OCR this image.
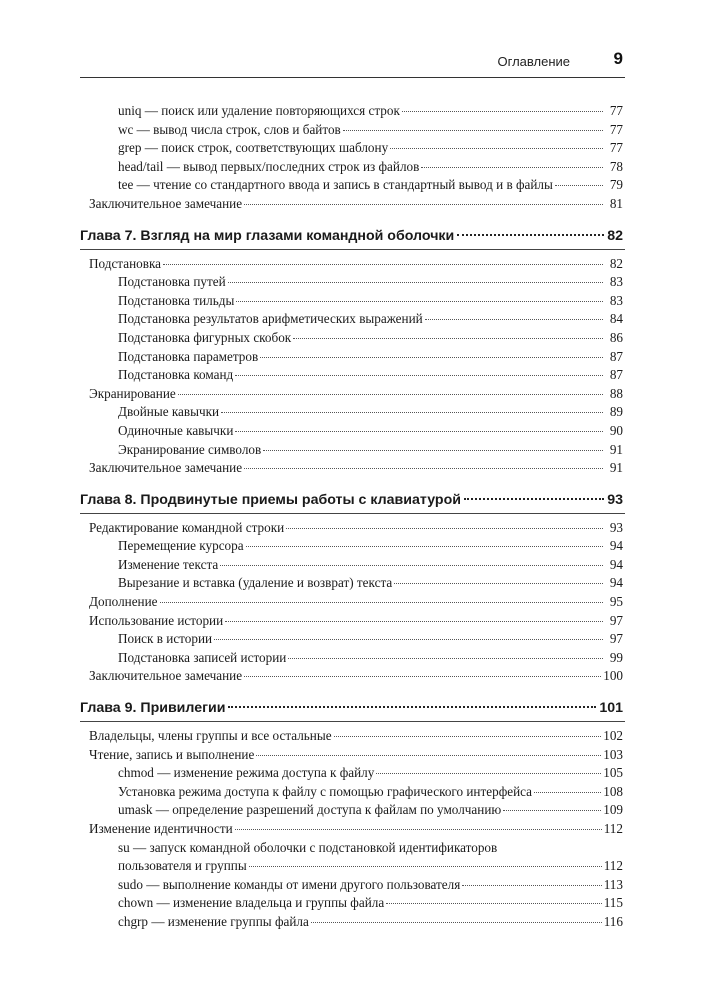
Оглавление	9
uniq — поиск или удаление повторяющихся строк	77
wc — вывод числа строк, слов и байтов	77
grep — поиск строк, соответствующих шаблону	77
head/tail — вывод первых/последних строк из файлов	78
tee — чтение со стандартного ввода и запись в стандартный вывод и в файлы	79
Заключительное замечание	81
Глава 7. Взгляд на мир глазами командной оболочки	82
Подстановка	82
Подстановка путей	83
Подстановка тильды	83
Подстановка результатов арифметических выражений	84
Подстановка фигурных скобок	86
Подстановка параметров	87
Подстановка команд	87
Экранирование	88
Двойные кавычки	89
Одиночные кавычки	90
Экранирование символов	91
Заключительное замечание	91
Глава 8. Продвинутые приемы работы с клавиатурой	93
Редактирование командной строки	93
Перемещение курсора	94
Изменение текста	94
Вырезание и вставка (удаление и возврат) текста	94
Дополнение	95
Использование истории	97
Поиск в истории	97
Подстановка записей истории	99
Заключительное замечание	100
Глава 9. Привилегии	101
Владельцы, члены группы и все остальные	102
Чтение, запись и выполнение	103
chmod — изменение режима доступа к файлу	105
Установка режима доступа к файлу с помощью графического интерфейса	108
umask — определение разрешений доступа к файлам по умолчанию	109
Изменение идентичности	112
su — запуск командной оболочки с подстановкой идентификаторов
пользователя и группы	112
sudo — выполнение команды от имени другого пользователя	113
chown — изменение владельца и группы файла	115
chgrp — изменение группы файла	116
